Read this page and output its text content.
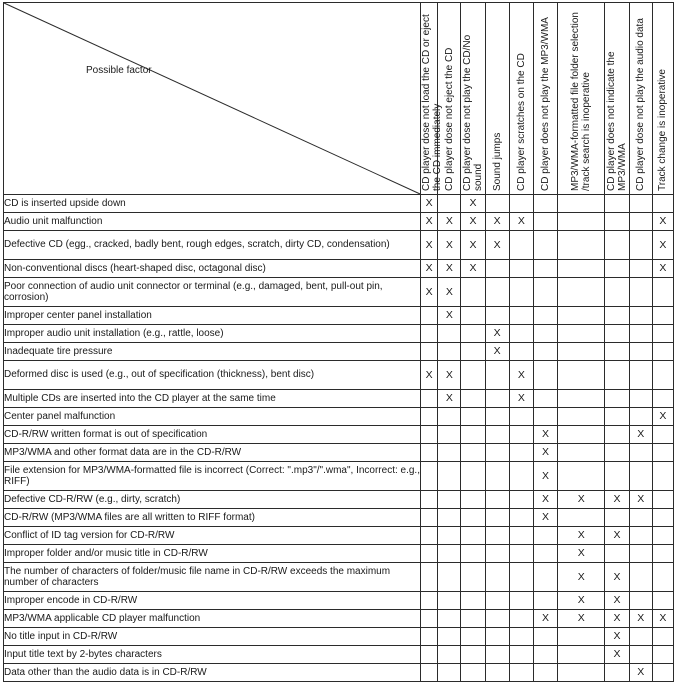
Possible factor	CD player dose not load the CD or eject the CD immediately	CD player dose not eject the CD	CD player dose not play the CD/No sound	Sound jumps	CD player scratches on the CD	CD player does not play the MP3/WMA	MP3/WMA-formatted file folder selection /track search is inoperative	CD player does not indicate the MP3/WMA	CD player dose not play the audio data	Track change is inoperative

CD is inserted upside down	X		X							
Audio unit malfunction	X	X	X	X	X					X
Defective CD (egg., cracked, badly bent, rough edges, scratch, dirty CD, condensation)	X	X	X	X						X
Non-conventional discs (heart-shaped disc, octagonal disc)	X	X	X							X
Poor connection of audio unit connector or terminal (e.g., damaged, bent, pull-out pin, corrosion)	X	X								
Improper center panel installation		X								
Improper audio unit installation (e.g., rattle, loose)				X						
Inadequate tire pressure				X						
Deformed disc is used (e.g., out of specification (thickness), bent disc)	X	X			X					
Multiple CDs are inserted into the CD player at the same time		X			X					
Center panel malfunction										X
CD-R/RW written format is out of specification						X			X	
MP3/WMA and other format data are in the CD-R/RW						X				
File extension for MP3/WMA-formatted file is incorrect (Correct: ".mp3"/".wma", Incorrect: e.g., RIFF)						X				
Defective CD-R/RW (e.g., dirty, scratch)						X	X	X	X	
CD-R/RW (MP3/WMA files are all written to RIFF format)						X				
Conflict of ID tag version for CD-R/RW							X	X		
Improper folder and/or music title in CD-R/RW							X			
The number of characters of folder/music file name in CD-R/RW exceeds the maximum number of characters							X	X		
Improper encode in CD-R/RW							X	X		
MP3/WMA applicable CD player malfunction						X	X	X	X	X
No title input in CD-R/RW								X		
Input title text by 2-bytes characters								X		
Data other than the audio data is in CD-R/RW									X	
